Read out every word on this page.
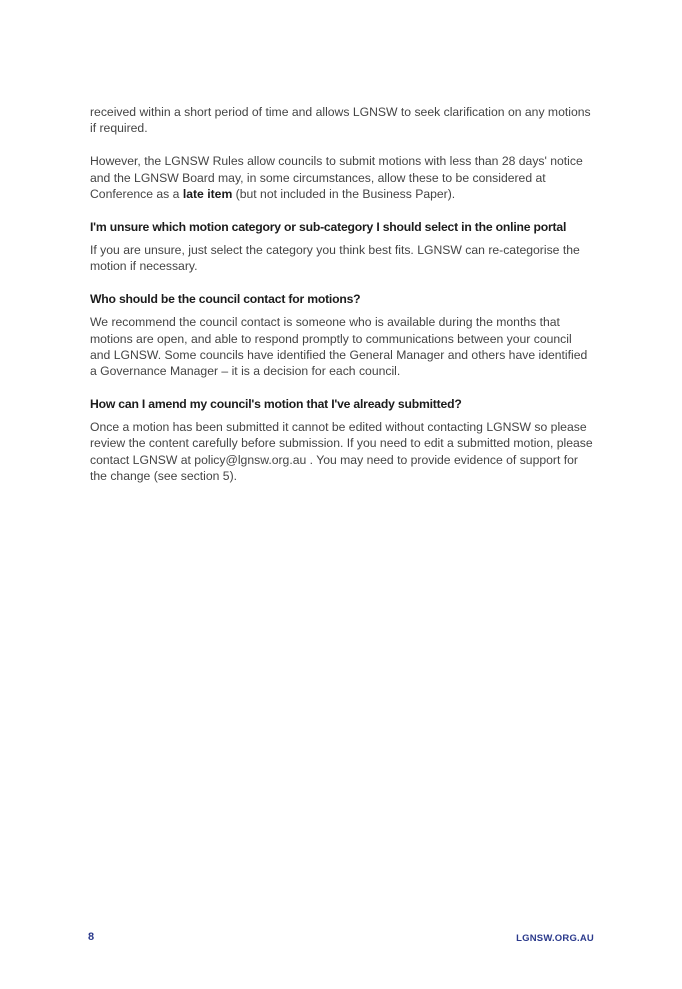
received within a short period of time and allows LGNSW to seek clarification on any motions if required.

However, the LGNSW Rules allow councils to submit motions with less than 28 days' notice and the LGNSW Board may, in some circumstances, allow these to be considered at Conference as a late item (but not included in the Business Paper).

I'm unsure which motion category or sub-category I should select in the online portal

If you are unsure, just select the category you think best fits. LGNSW can re-categorise the motion if necessary.

Who should be the council contact for motions?

We recommend the council contact is someone who is available during the months that motions are open, and able to respond promptly to communications between your council and LGNSW. Some councils have identified the General Manager and others have identified a Governance Manager – it is a decision for each council.

How can I amend my council's motion that I've already submitted?

Once a motion has been submitted it cannot be edited without contacting LGNSW so please review the content carefully before submission. If you need to edit a submitted motion, please contact LGNSW at policy@lgnsw.org.au . You may need to provide evidence of support for the change (see section 5).

8	LGNSW.ORG.AU
